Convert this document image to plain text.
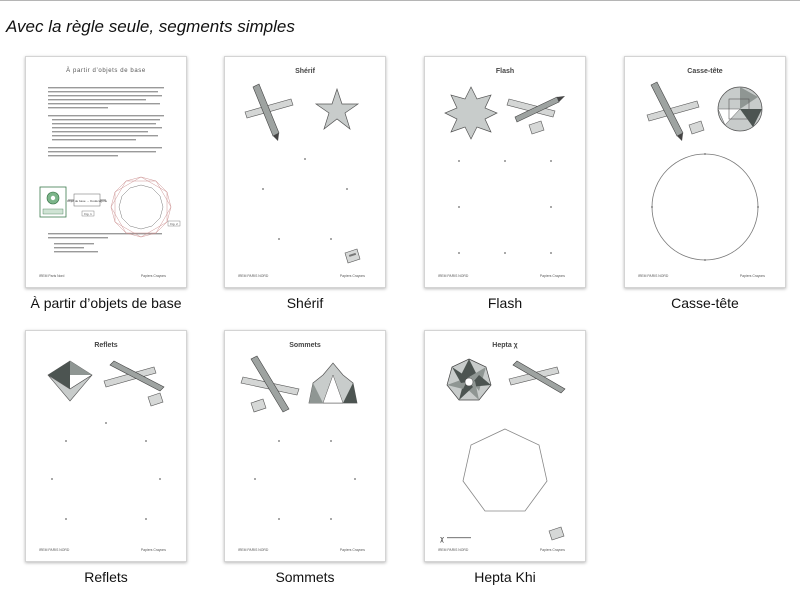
Avec la règle seule, segments simples
À partir d’objets de base
Objet de base → Dodécagone
Fig. 1
Fig. 2
IREM Paris Nord	Papiers Crayons
À partir d’objets de base
Shérif
IREM PARIS NORD	Papiers Crayons
Shérif
Flash
IREM PARIS NORD	Papiers Crayons
Flash
Casse-tête
IREM PARIS NORD	Papiers Crayons
Casse-tête
Reflets
IREM PARIS NORD	Papiers Crayons
Reflets
Sommets
IREM PARIS NORD	Papiers Crayons
Sommets
Hepta χ
χ
IREM PARIS NORD	Papiers Crayons
Hepta Khi
